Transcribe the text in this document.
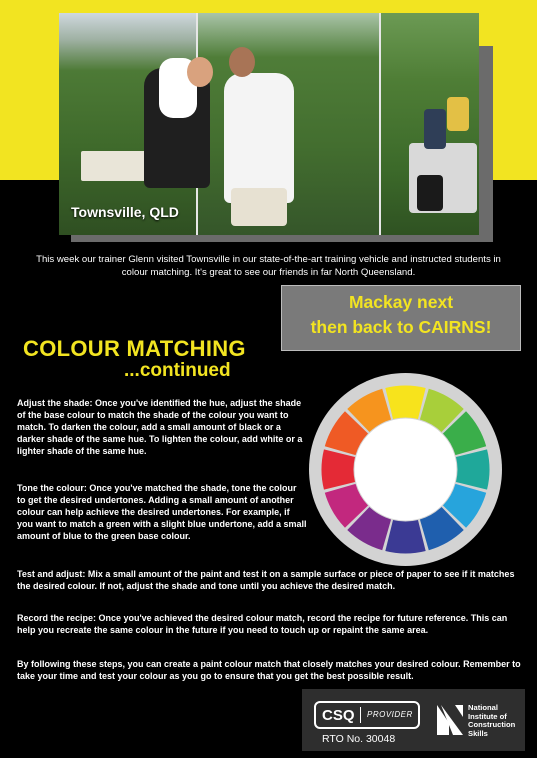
Townsville, QLD
This week our trainer Glenn visited Townsville in our state-of-the-art training vehicle and instructed students in colour matching. It's great to see our friends in far North Queensland.
Mackay next
then back to CAIRNS!
COLOUR MATCHING
...continued
Adjust the shade: Once you've identified the hue, adjust the shade of the base colour to match the shade of the colour you want to match. To darken the colour, add a small amount of black or a darker shade of the same hue. To lighten the colour, add white or a lighter shade of the same hue.
Tone the colour: Once you've matched the shade, tone the colour to get the desired undertones. Adding a small amount of another colour can help achieve the desired undertones. For example, if you want to match a green with a slight blue undertone, add a small amount of blue to the green base colour.
Test and adjust: Mix a small amount of the paint and test it on a sample surface or piece of paper to see if it matches the desired colour. If not, adjust the shade and tone until you achieve the desired match.
Record the recipe: Once you've achieved the desired colour match, record the recipe for future reference. This can help you recreate the same colour in the future if you need to touch up or repaint the same area.
By following these steps, you can create a paint colour match that closely matches your desired colour. Remember to take your time and test your colour as you go to ensure that you get the best possible result.
CSQ PROVIDER
RTO No. 30048
National
Institute of
Construction
Skills
